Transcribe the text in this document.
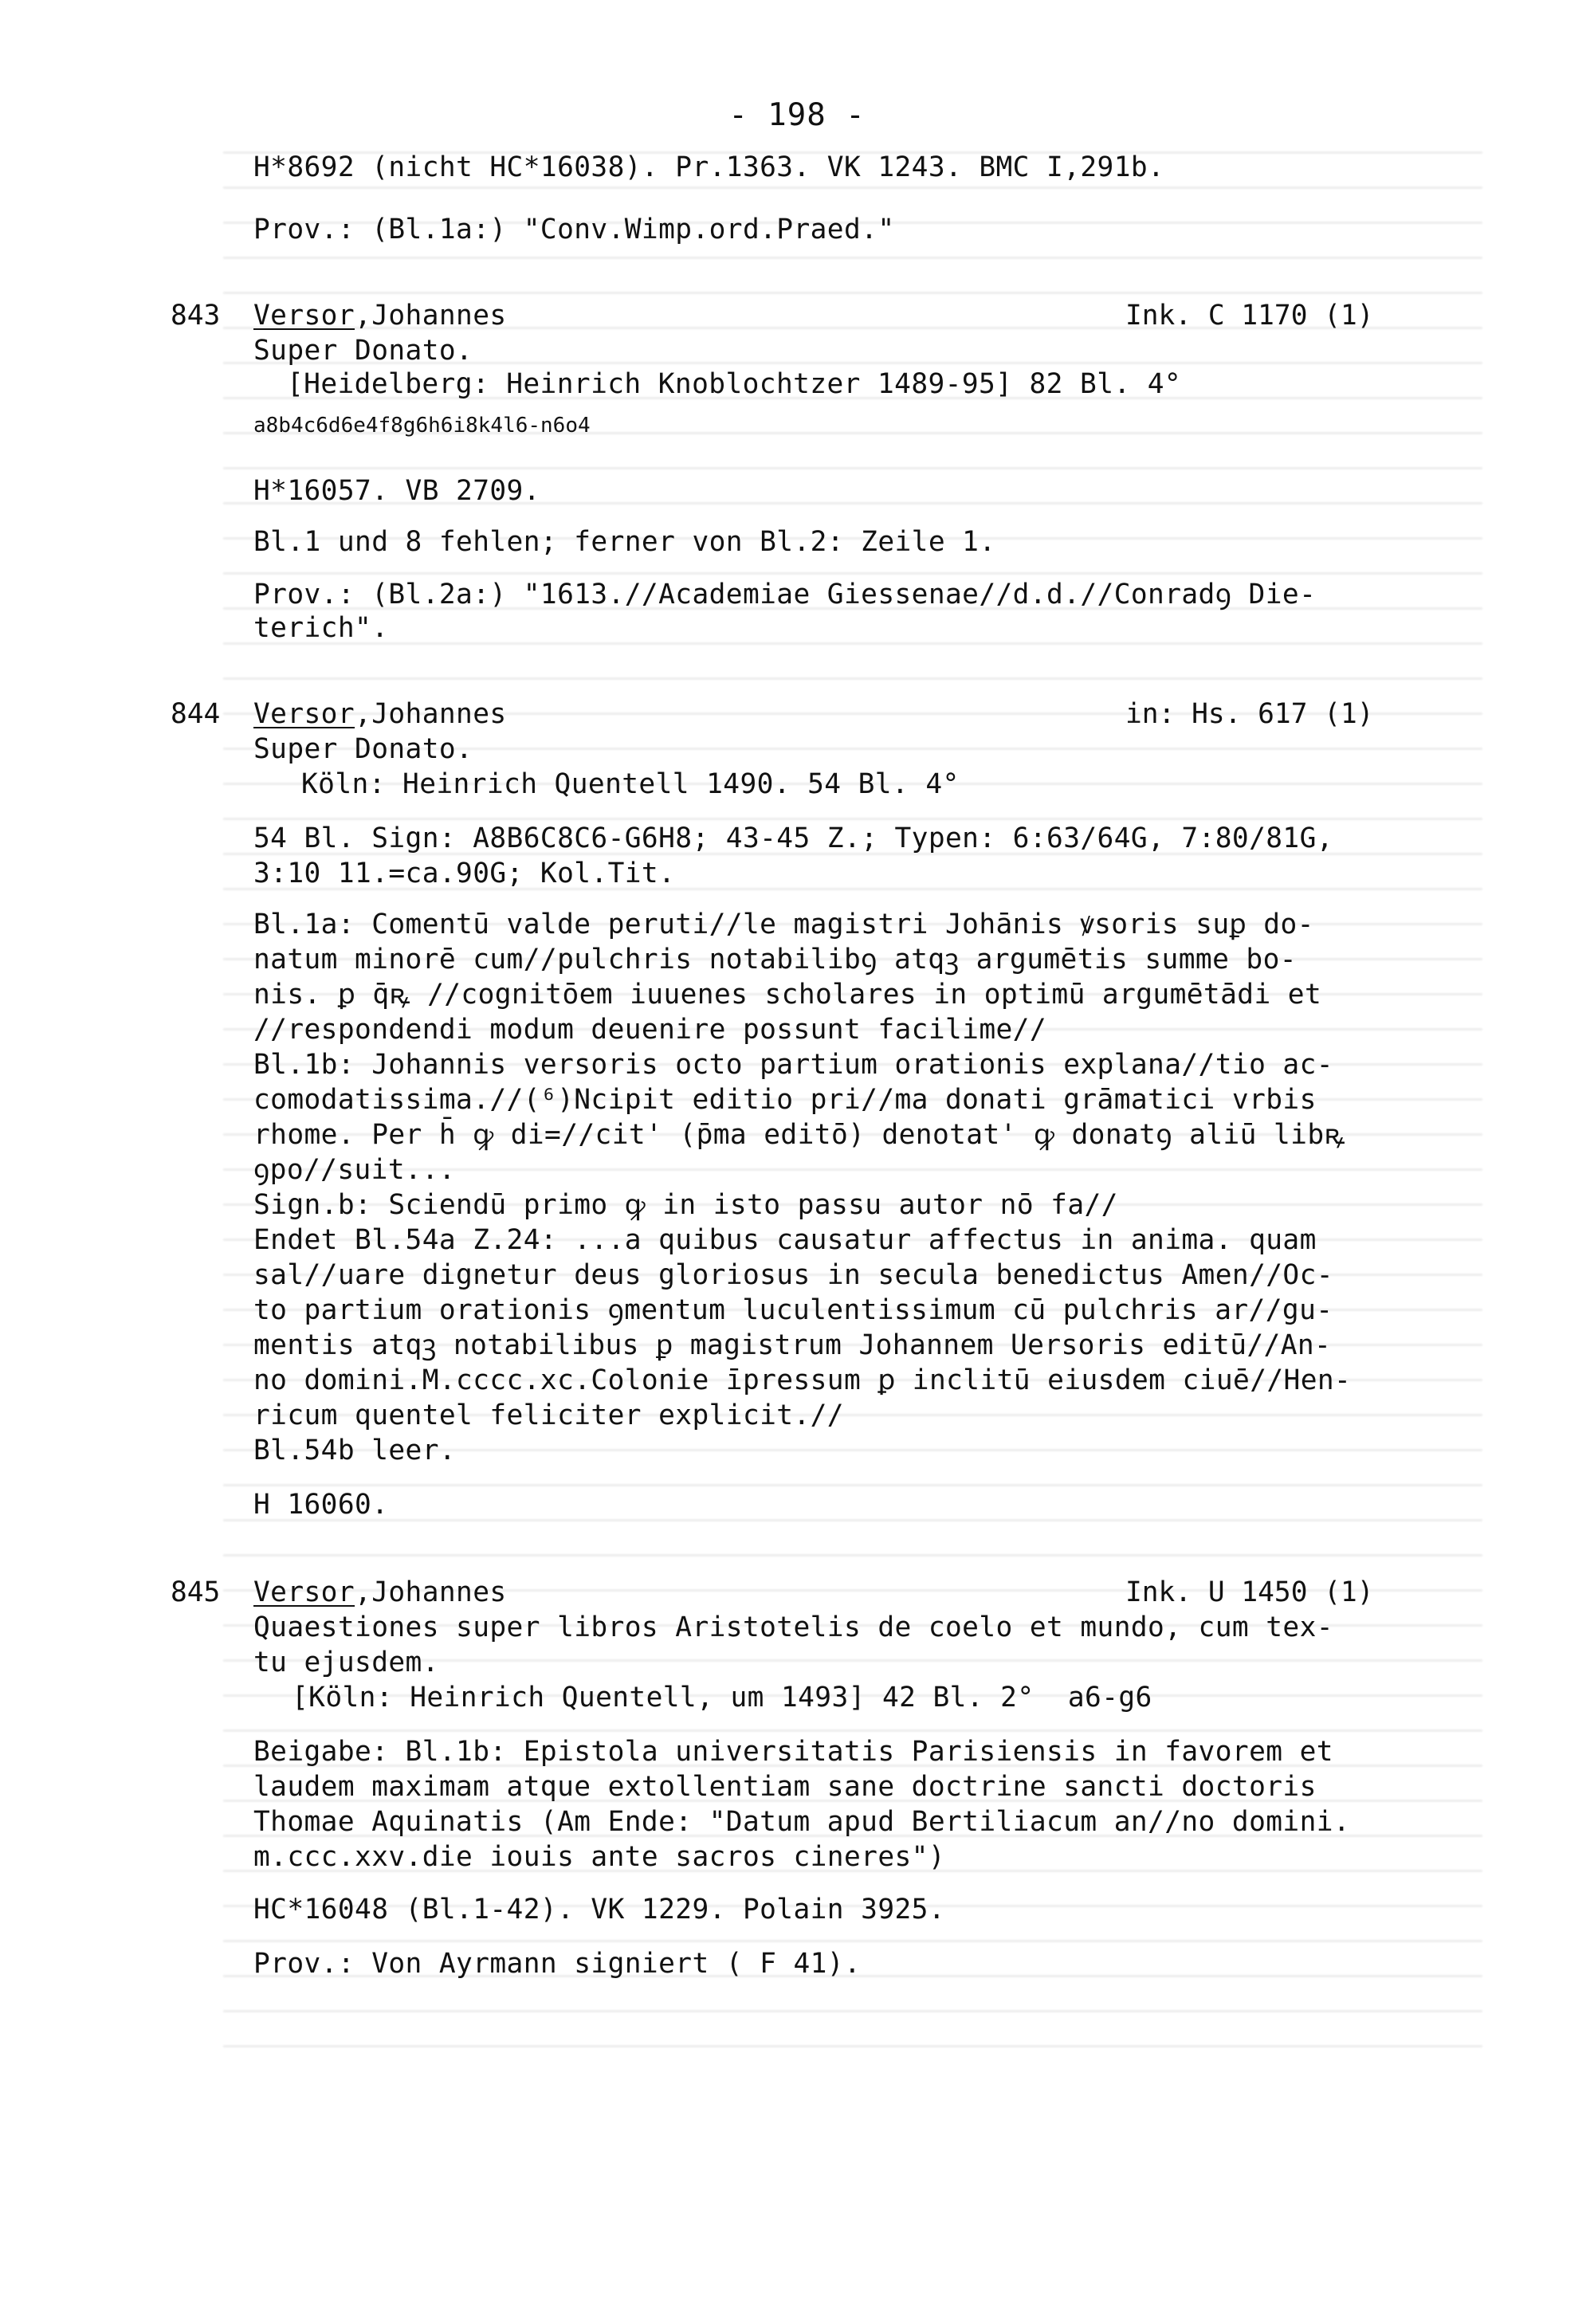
- 198 -
H*8692 (nicht HC*16038). Pr.1363. VK 1243. BMC I,291b.
Prov.: (Bl.1a:) "Conv.Wimp.ord.Praed."
843 Versor,Johannes	Ink. C 1170 (1)
Super Donato.
[Heidelberg: Heinrich Knoblochtzer 1489-95] 82 Bl. 4°
a8b4c6d6e4f8g6h6i8k4l6-n6o4
H*16057. VB 2709.
Bl.1 und 8 fehlen; ferner von Bl.2: Zeile 1.
Prov.: (Bl.2a:) "1613.//Academiae Giessenae//d.d.//Conradꝯ Die-
terich".
844 Versor,Johannes	in: Hs. 617 (1)
Super Donato.
Köln: Heinrich Quentell 1490. 54 Bl. 4°
54 Bl. Sign: A8B6C8C6-G6H8; 43-45 Z.; Typen: 6:63/64G, 7:80/81G,
3:10 11.=ca.90G; Kol.Tit.
Bl.1a: Comentū valde peruti//le magistri Johānis ꝟsoris suꝑ do-
natum minorē cum//pulchris notabilibꝯ atqꝫ argumētis summe bo-
nis. ꝑ q̄ꝶ //cognitōem iuuenes scholares in optimū argumētādi et
//respondendi modum deuenire possunt facilime//
Bl.1b: Johannis versoris octo partium orationis explana//tio ac-
comodatissima.//(⁶)Ncipit editio pri//ma donati grāmatici vrbis
rhome. Per h̄ ꝙ di=//cit' (p̄ma editō) denotat' ꝙ donatꝯ aliū libꝶ
ꝯpo//suit...
Sign.b: Sciendū primo ꝙ in isto passu autor nō fa//
Endet Bl.54a Z.24: ...a quibus causatur affectus in anima. quam
sal//uare dignetur deus gloriosus in secula benedictus Amen//Oc-
to partium orationis ꝯmentum luculentissimum cū pulchris ar//gu-
mentis atqꝫ notabilibus ꝑ magistrum Johannem Uersoris editū//An-
no domini.M.cccc.xc.Colonie īpressum ꝑ inclitū eiusdem ciuē//Hen-
ricum quentel feliciter explicit.//
Bl.54b leer.
H 16060.
845 Versor,Johannes	Ink. U 1450 (1)
Quaestiones super libros Aristotelis de coelo et mundo, cum tex-
tu ejusdem.
[Köln: Heinrich Quentell, um 1493] 42 Bl. 2°  a6-g6
Beigabe: Bl.1b: Epistola universitatis Parisiensis in favorem et
laudem maximam atque extollentiam sane doctrine sancti doctoris
Thomae Aquinatis (Am Ende: "Datum apud Bertiliacum an//no domini.
m.ccc.xxv.die iouis ante sacros cineres")
HC*16048 (Bl.1-42). VK 1229. Polain 3925.
Prov.: Von Ayrmann signiert ( F 41).
